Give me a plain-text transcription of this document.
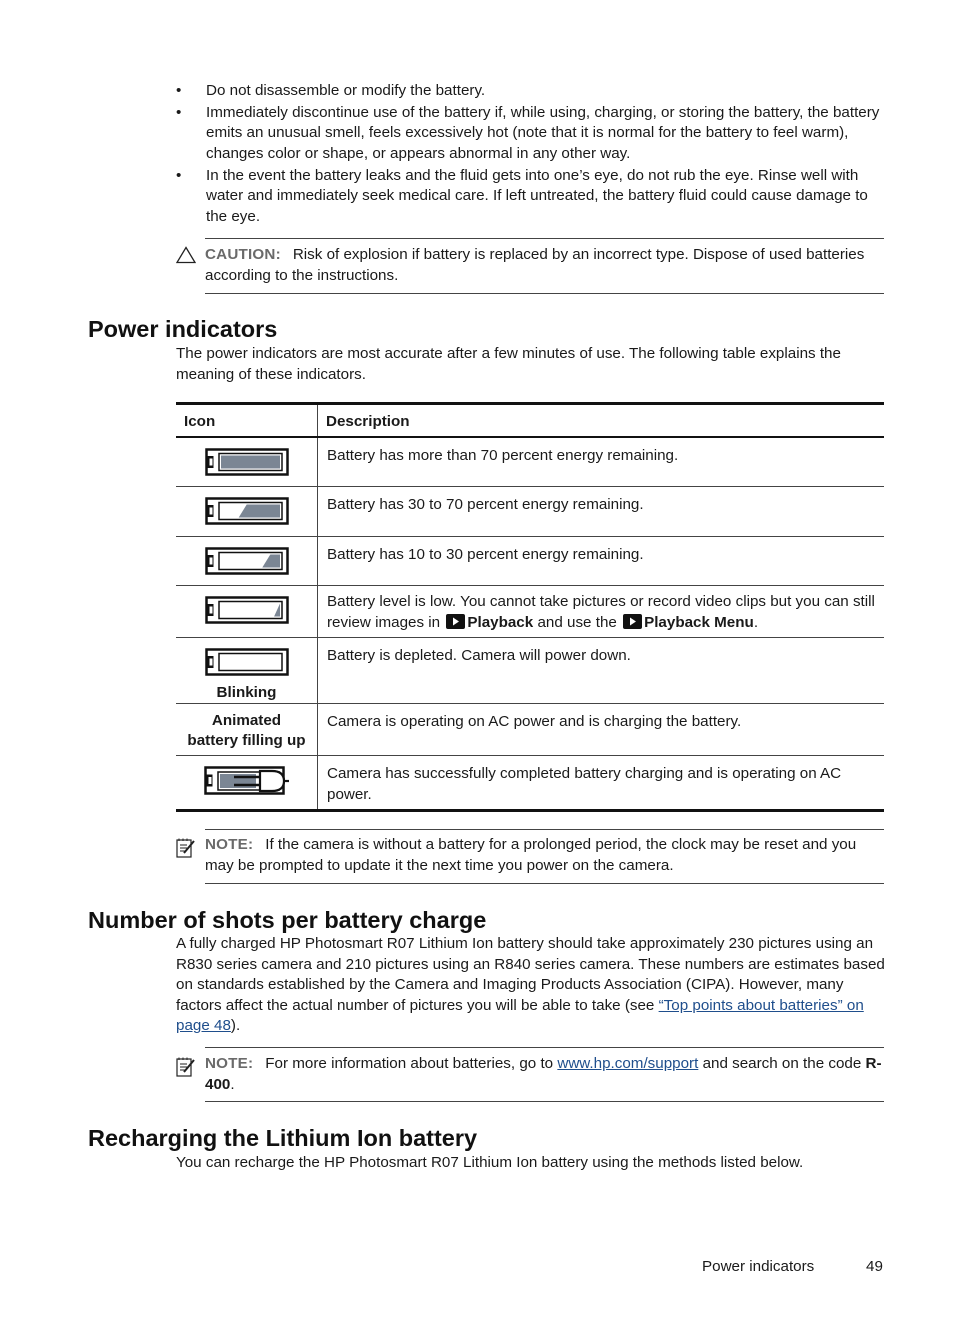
• Do not disassemble or modify the battery.
• Immediately discontinue use of the battery if, while using, charging, or storing the battery, the battery emits an unusual smell, feels excessively hot (note that it is normal for the battery to feel warm), changes color or shape, or appears abnormal in any other way.
• In the event the battery leaks and the fluid gets into one’s eye, do not rub the eye. Rinse well with water and immediately seek medical care. If left untreated, the battery fluid could cause damage to the eye.
CAUTION: Risk of explosion if battery is replaced by an incorrect type. Dispose of used batteries according to the instructions.
Power indicators

The power indicators are most accurate after a few minutes of use. The following table explains the meaning of these indicators.

Icon	Description
	Battery has more than 70 percent energy remaining.
	Battery has 30 to 70 percent energy remaining.
	Battery has 10 to 30 percent energy remaining.
	Battery level is low. You cannot take pictures or record video clips but you can still review images in Playback and use the Playback Menu.

Blinking	Battery is depleted. Camera will power down.

Animated
battery filling up	Camera is operating on AC power and is charging the battery.
	Camera has successfully completed battery charging and is operating on AC power.
NOTE: If the camera is without a battery for a prolonged period, the clock may be reset and you may be prompted to update it the next time you power on the camera.
Number of shots per battery charge

A fully charged HP Photosmart R07 Lithium Ion battery should take approximately 230 pictures using an R830 series camera and 210 pictures using an R840 series camera. These numbers are estimates based on standards established by the Camera and Imaging Products Association (CIPA). However, many factors affect the actual number of pictures you will be able to take (see “Top points about batteries” on page 48).

NOTE: For more information about batteries, go to www.hp.com/support and search on the code R-400.
Recharging the Lithium Ion battery

You can recharge the HP Photosmart R07 Lithium Ion battery using the methods listed below.

Power indicators	49
